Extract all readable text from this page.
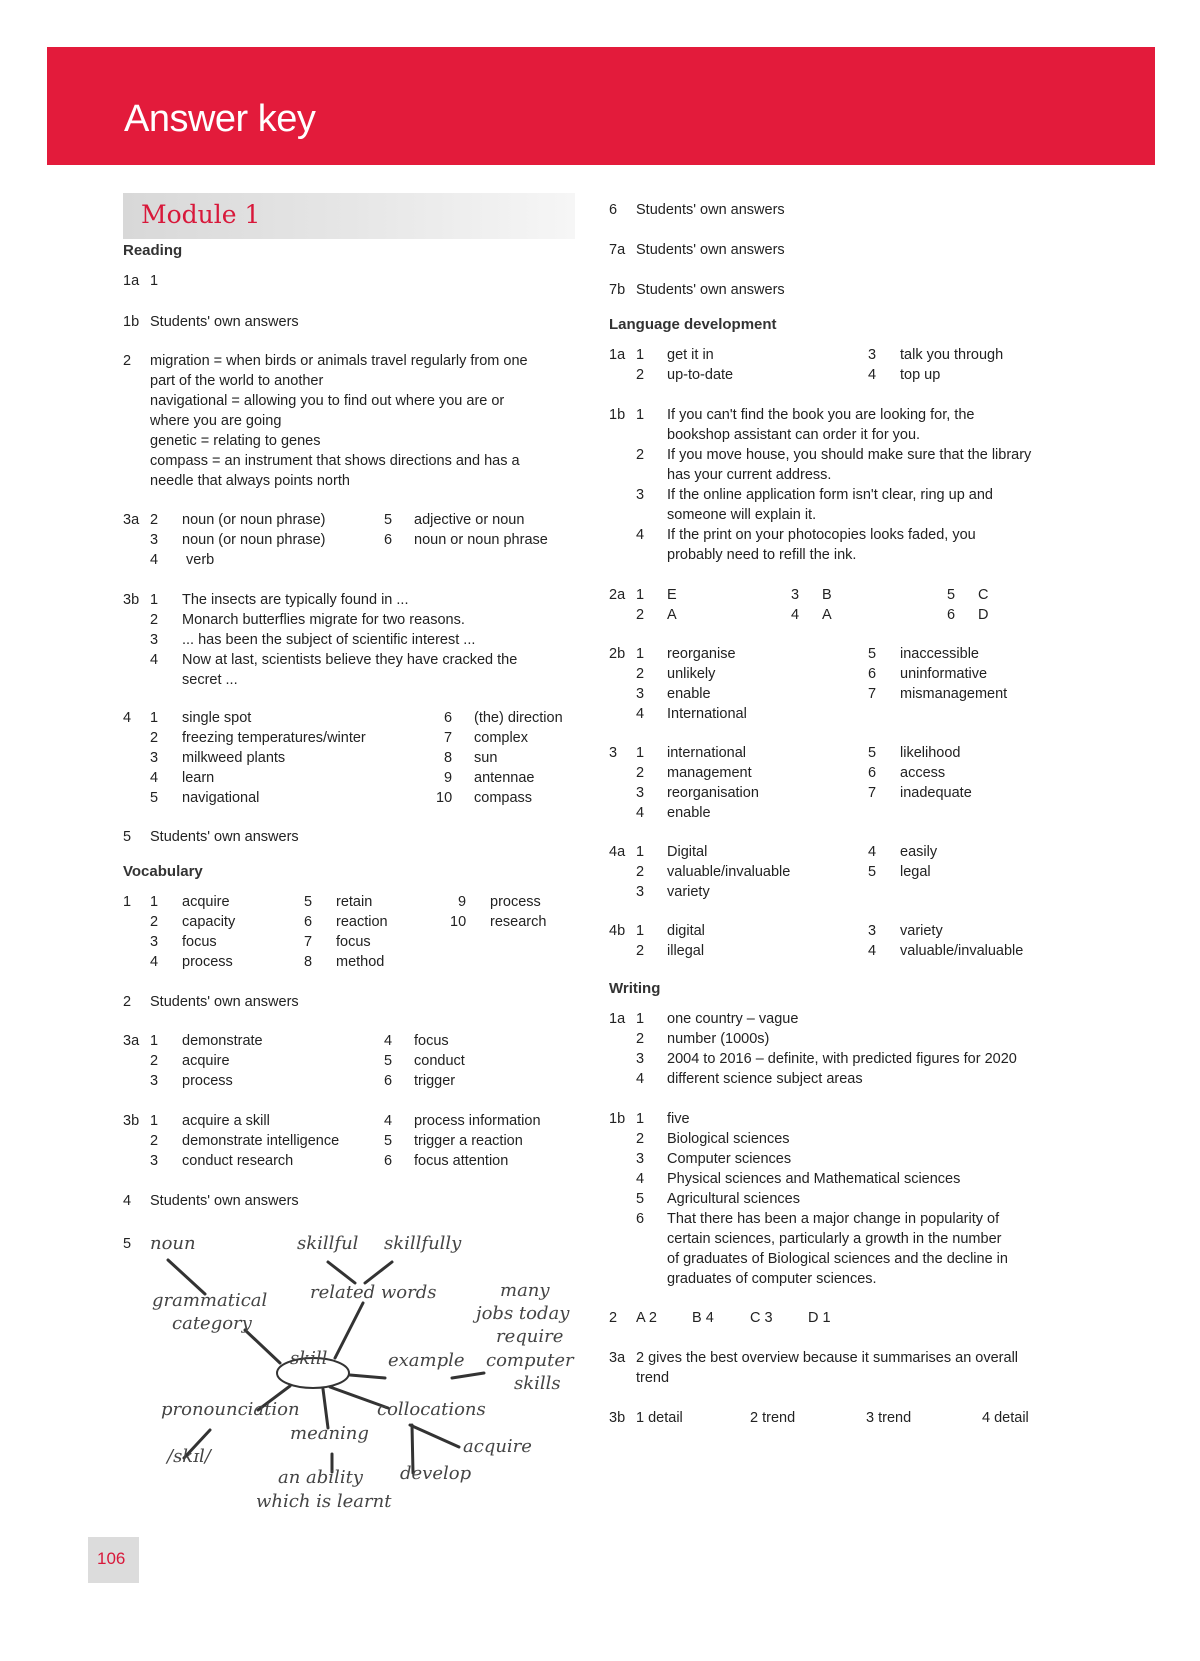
Answer key
Module 1
Reading
1a 1
1b Students' own answers
2 migration = when birds or animals travel regularly from one
part of the world to another
navigational = allowing you to find out where you are or
where you are going
genetic = relating to genes
compass = an instrument that shows directions and has a
needle that always points north
3a 2 noun (or noun phrase)	5 adjective or noun
3 noun (or noun phrase)	6 noun or noun phrase
4 verb
3b 1 The insects are typically found in ...
2 Monarch butterflies migrate for two reasons.
3 ... has been the subject of scientific interest ...
4 Now at last, scientists believe they have cracked the
secret ...
4 1 single spot	6 (the) direction
2 freezing temperatures/winter	7 complex
3 milkweed plants	8 sun
4 learn	9 antennae
5 navigational	10 compass
5 Students' own answers
Vocabulary
1 1 acquire	5 retain	9 process
2 capacity	6 reaction	10 research
3 focus	7 focus
4 process	8 method
2 Students' own answers
3a 1 demonstrate	4 focus
2 acquire	5 conduct
3 process	6 trigger
3b 1 acquire a skill	4 process information
2 demonstrate intelligence	5 trigger a reaction
3 conduct research	6 focus attention
4 Students' own answers
5
6 Students' own answers
7a Students' own answers
7b Students' own answers
Language development
1a 1 get it in	3 talk you through
2 up-to-date	4 top up
1b 1 If you can't find the book you are looking for, the
bookshop assistant can order it for you.
2 If you move house, you should make sure that the library
has your current address.
3 If the online application form isn't clear, ring up and
someone will explain it.
4 If the print on your photocopies looks faded, you
probably need to refill the ink.
2a 1 E	3 B	5 C
2 A	4 A	6 D
2b 1 reorganise	5 inaccessible
2 unlikely	6 uninformative
3 enable	7 mismanagement
4 International
3 1 international	5 likelihood
2 management	6 access
3 reorganisation	7 inadequate
4 enable
4a 1 Digital	4 easily
2 valuable/invaluable	5 legal
3 variety
4b 1 digital	3 variety
2 illegal	4 valuable/invaluable
Writing
1a 1 one country – vague
2 number (1000s)
3 2004 to 2016 – definite, with predicted figures for 2020
4 different science subject areas
1b 1 five
2 Biological sciences
3 Computer sciences
4 Physical sciences and Mathematical sciences
5 Agricultural sciences
6 That there has been a major change in popularity of
certain sciences, particularly a growth in the number
of graduates of Biological sciences and the decline in
graduates of computer sciences.
2 A 2 B 4 C 3 D 1
3a 2 gives the best overview because it summarises an overall
trend
3b 1 detail	2 trend	3 trend	4 detail
noun	skillful skillfully
related words	many
jobs today
require
computer
skills
grammatical
category
skill	example
pronounciation	collocations
meaning
acquire
/skɪl/
an ability develop
which is learnt
106
